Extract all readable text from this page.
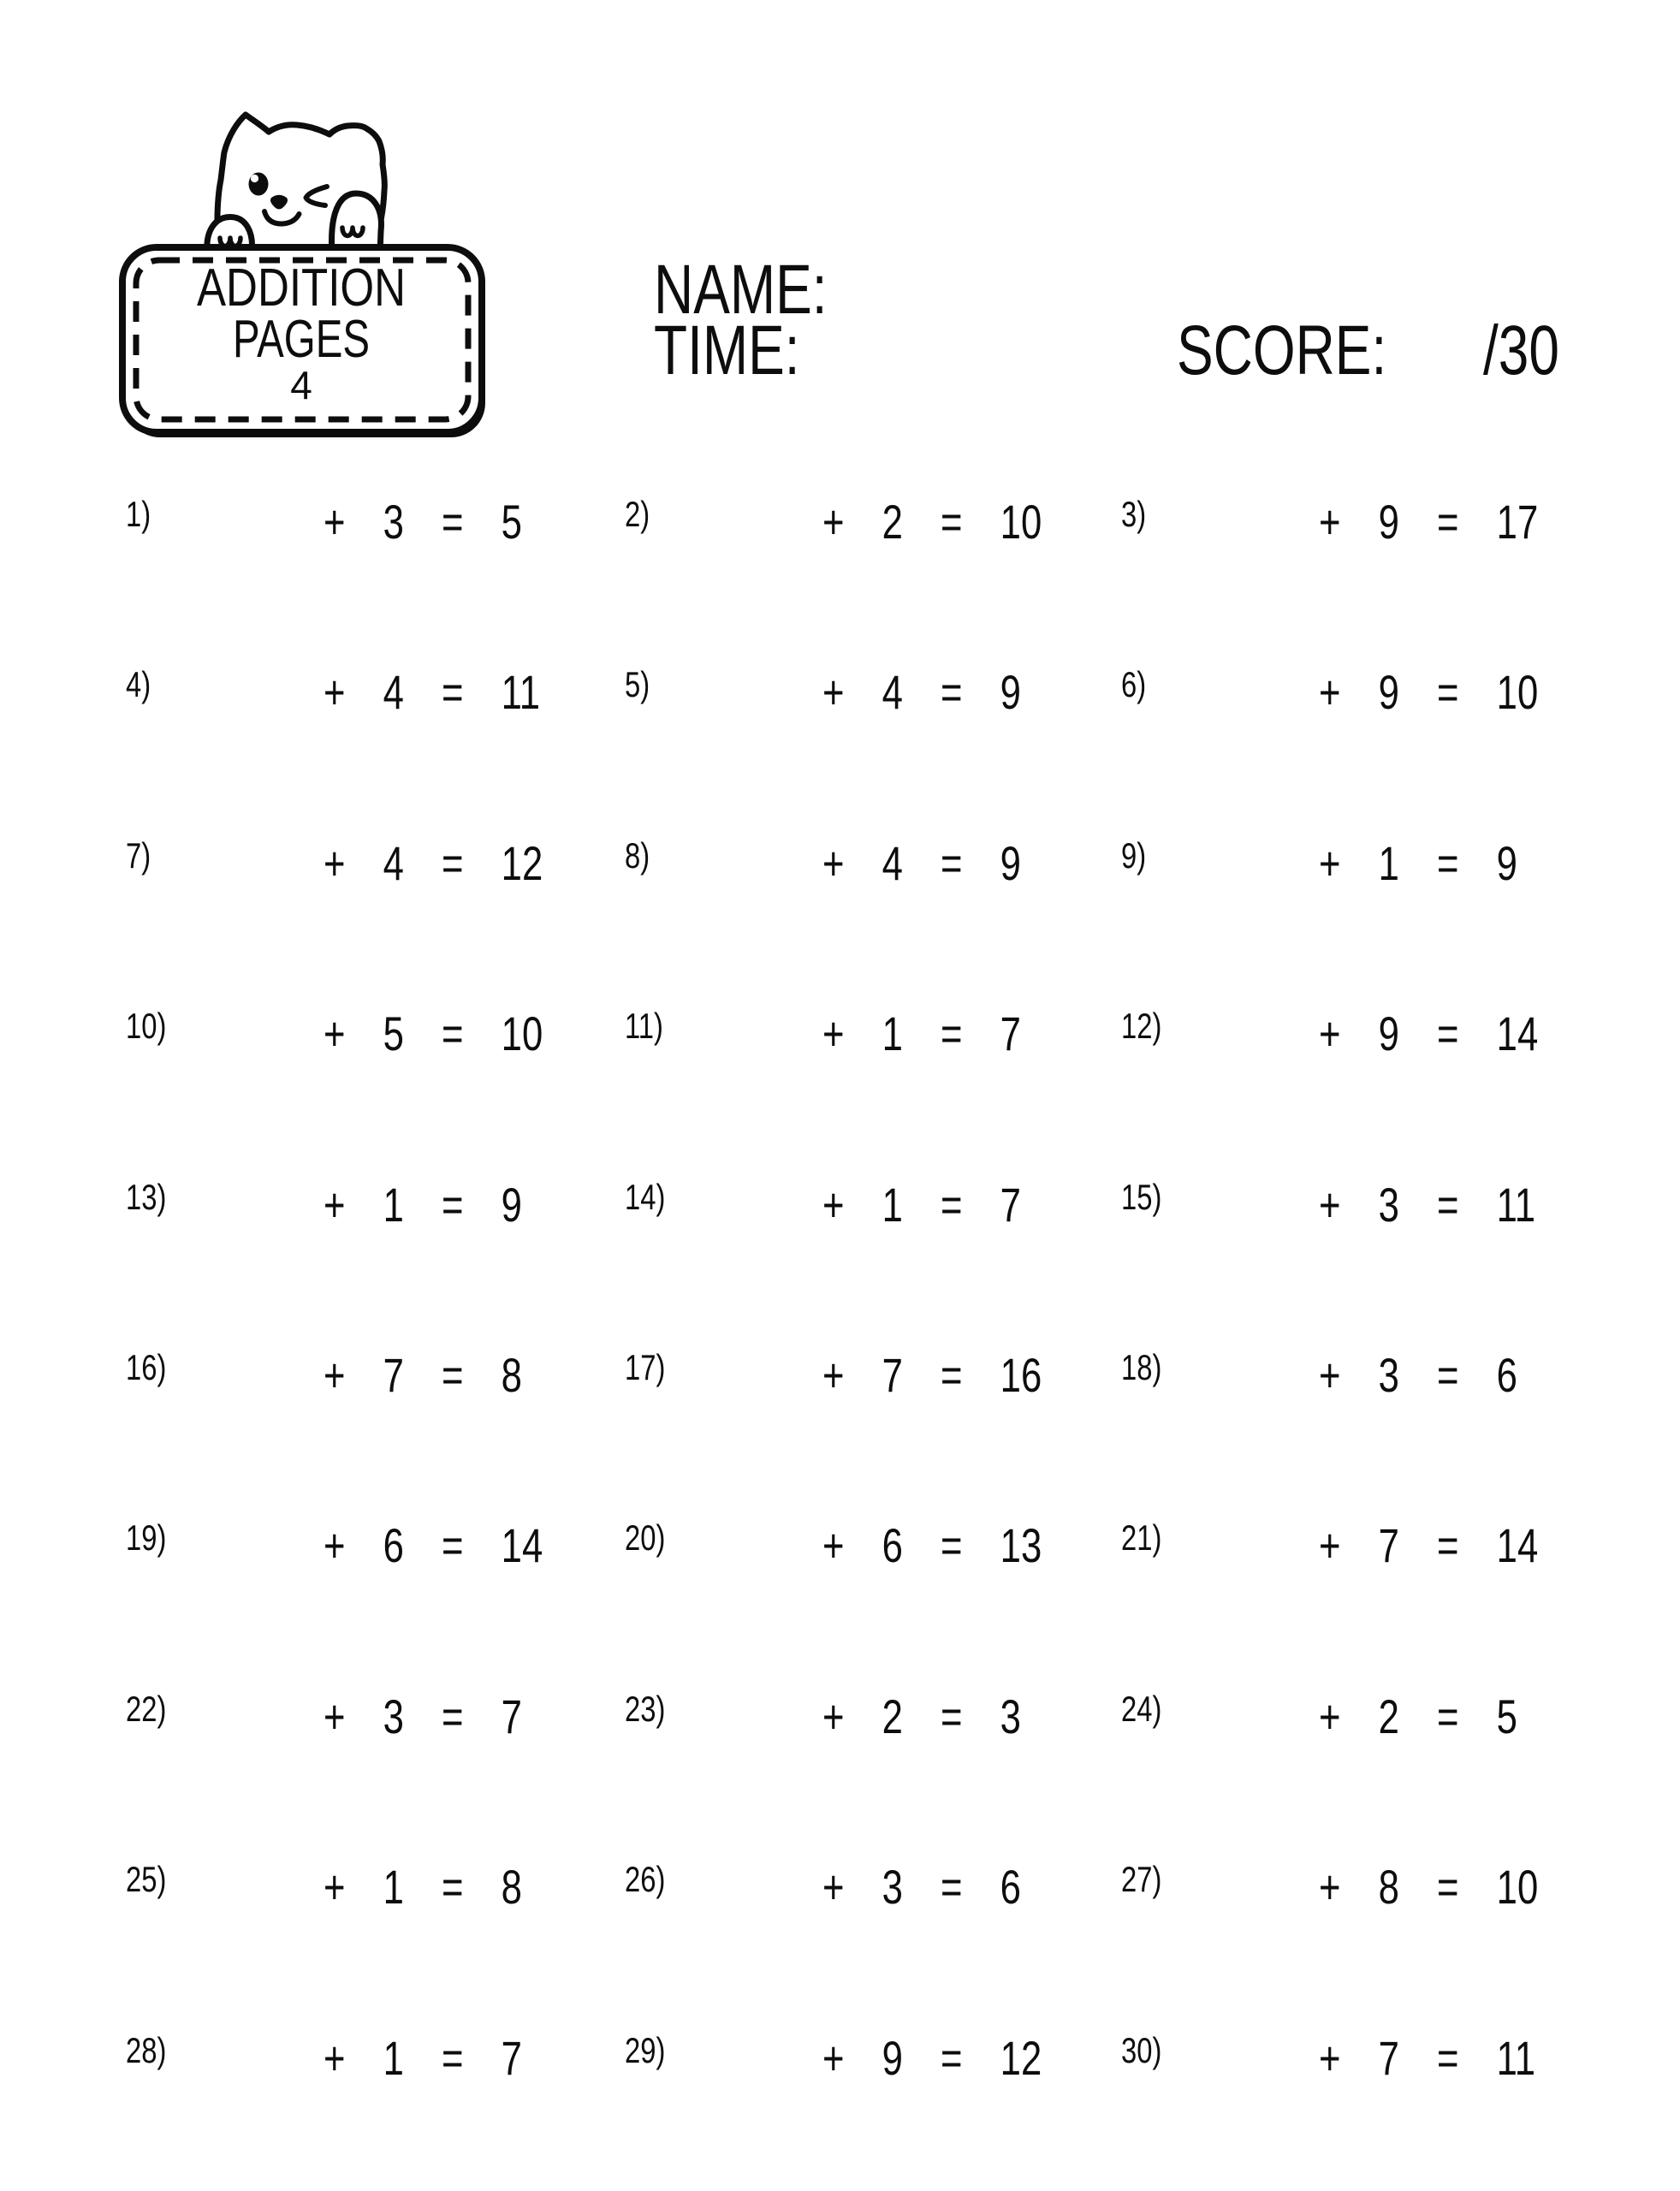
ADDITION
PAGES
4
NAME:
TIME:	SCORE:	/30
1)	+ 3 = 5	2)	+ 2 = 10 3)	+ 9 = 17
4)	+ 4 = 11 5)	+ 4 = 9	6)	+ 9 = 10
7)	+ 4 = 12 8)	+ 4 = 9	9)	+ 1 = 9
10)	+ 5 = 10 11)	+ 1 = 7	12)	+ 9 = 14
13)	+ 1 = 9	14)	+ 1 = 7	15)	+ 3 = 11
16)	+ 7 = 8	17)	+ 7 = 16 18)	+ 3 = 6
19)	+ 6 = 14 20)	+ 6 = 13 21)	+ 7 = 14
22)	+ 3 = 7	23)	+ 2 = 3	24)	+ 2 = 5
25)	+ 1 = 8	26)	+ 3 = 6	27)	+ 8 = 10
28)	+ 1 = 7	29)	+ 9 = 12 30)	+ 7 = 11
